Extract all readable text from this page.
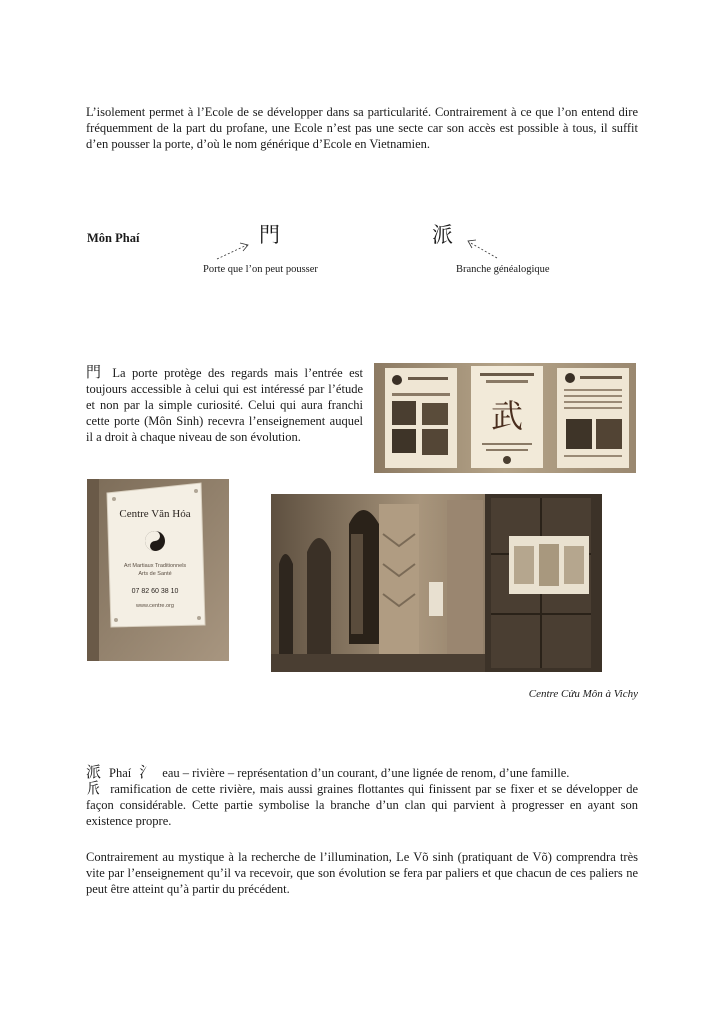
L’isolement permet à l’Ecole de se développer dans sa particularité. Contrairement à ce que l’on entend dire fréquemment de la part du profane, une Ecole n’est pas une secte car son accès est possible à tous, il suffit d’en pousser la porte, d’où le nom générique d’Ecole en Vietnamien.
Môn Phaí	門	派
Porte que l’on peut pousser	Branche généalogique
門 La porte protège des regards mais l’entrée est toujours accessible à celui qui est intéressé par l’étude et non par la simple curiosité. Celui qui aura franchi cette porte (Môn Sinh) recevra l’enseignement auquel il a droit à chaque niveau de son évolution.
武
Centre Văn Hóa
Art Martiaux Traditionnels
Arts de Santé
07 82 60 38 10
www.centre.org
Centre Cửu Môn à Vichy
派 Phaí 氵 eau – rivière – représentation d’un courant, d’une lignée de renom, d’une famille.
𠂢 ramification de cette rivière, mais aussi graines flottantes qui finissent par se fixer et se développer de façon considérable. Cette partie symbolise la branche d’un clan qui parvient à progresser en ayant son existence propre.
Contrairement au mystique à la recherche de l’illumination, Le Võ sinh (pratiquant de Võ) comprendra très vite par l’enseignement qu’il va recevoir, que son évolution se fera par paliers et que chacun de ces paliers ne peut être atteint qu’à partir du précédent.
